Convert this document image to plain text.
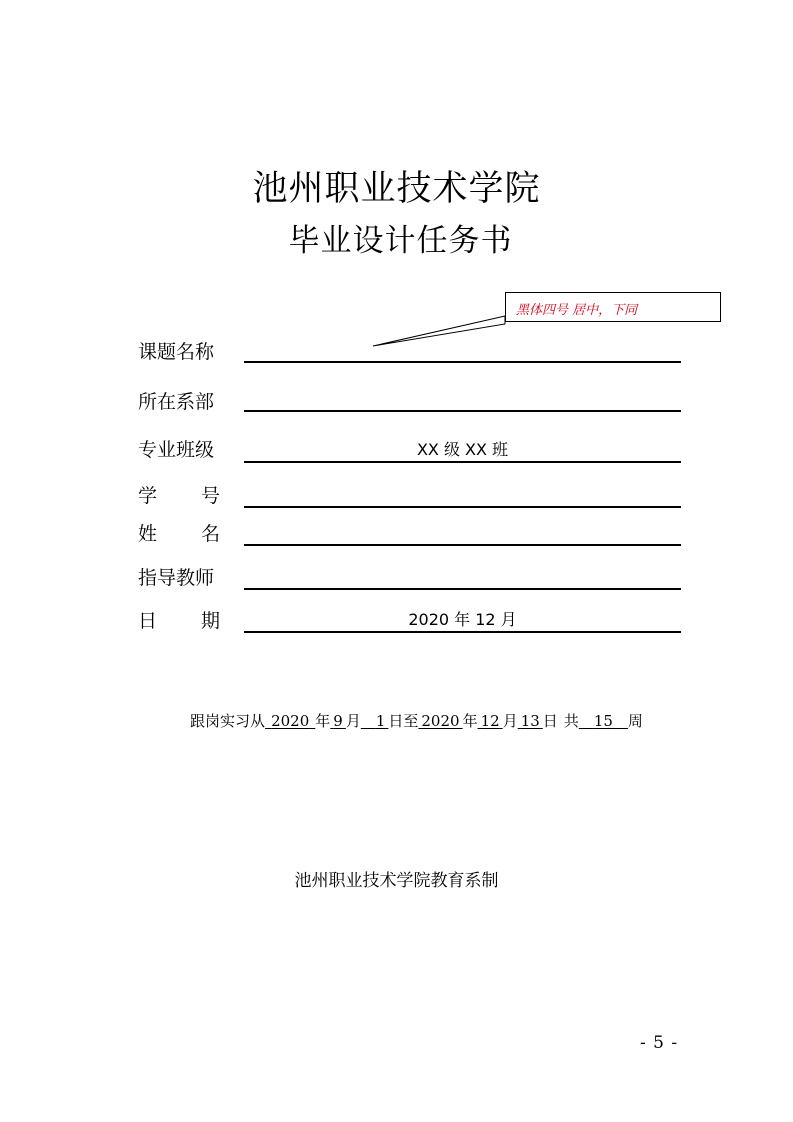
池州职业技术学院
毕业设计任务书
黑体四号 居中，下同
课题名称
所在系部
专业班级	XX 级 XX 班
学 号
姓 名
指导教师
日 期	2020 年 12 月
跟岗实习从   2020   年  9  月  1  日至  2020  年  12  月  13  日   共  15  周
池州职业技术学院教育系制
- 5 -
